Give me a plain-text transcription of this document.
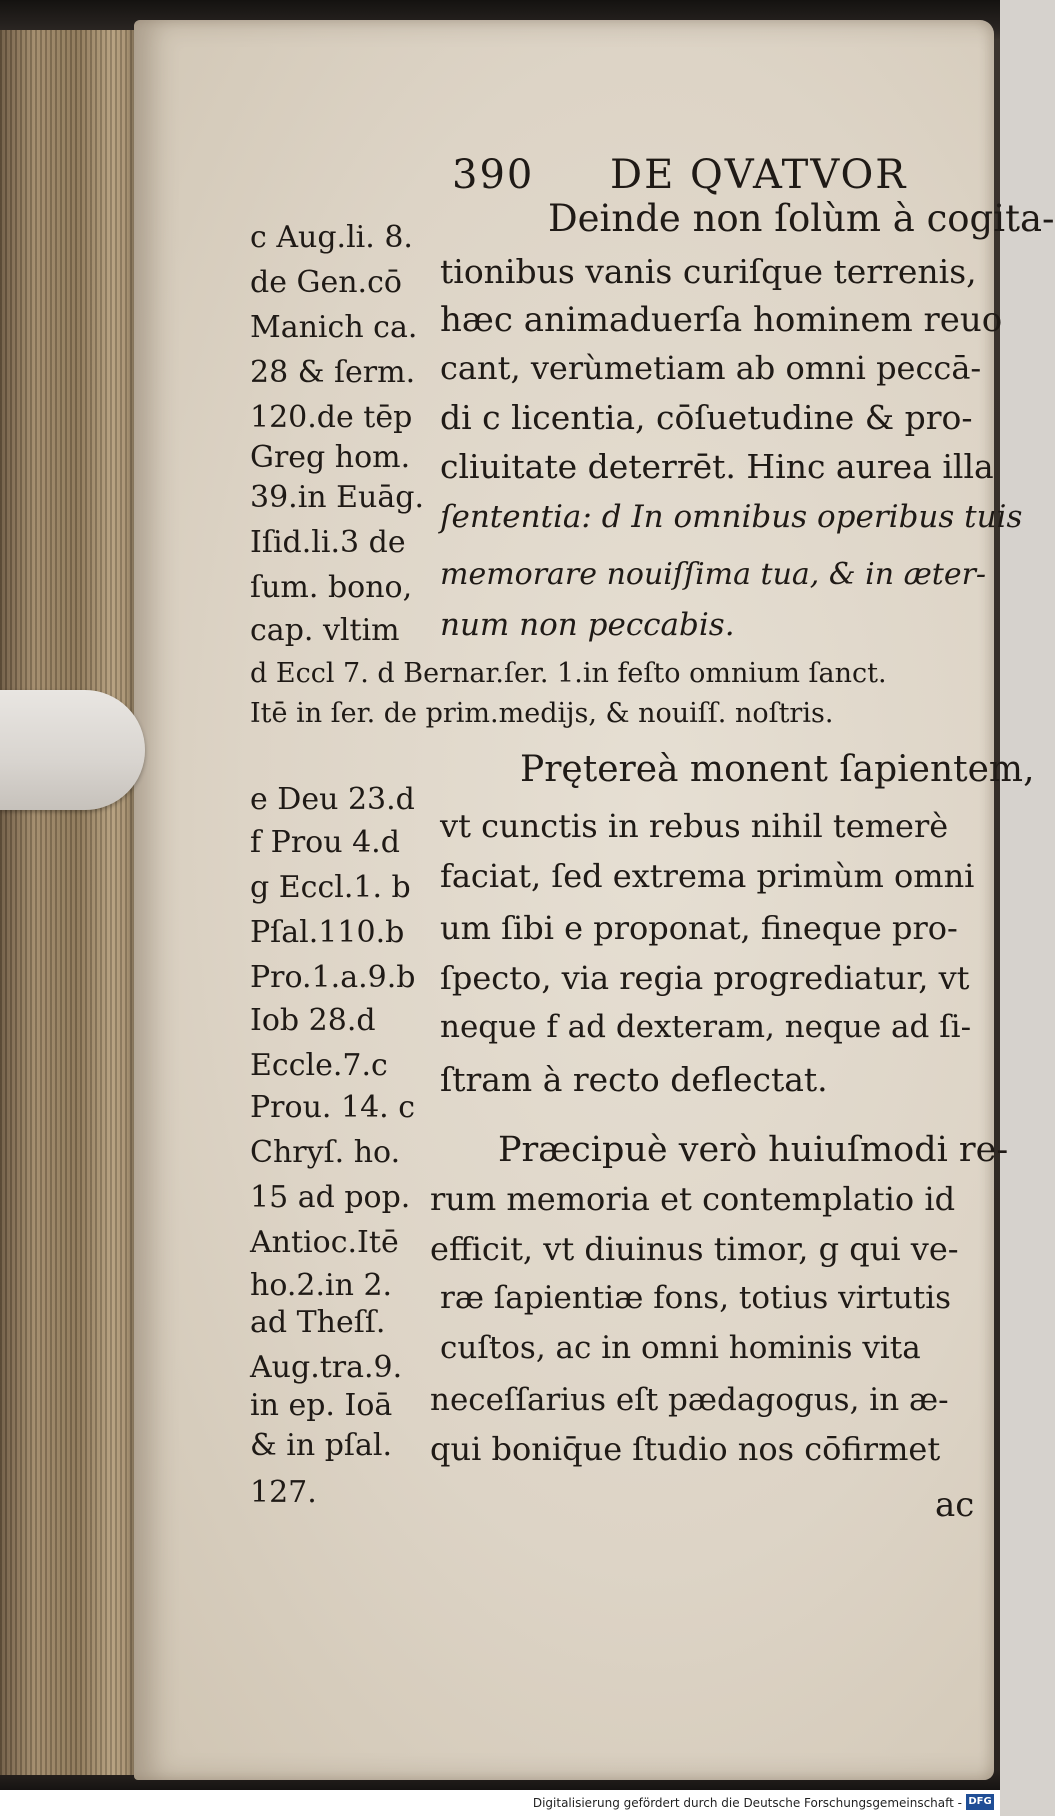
390 DE QVATVOR
c Aug.li. 8.
de Gen.cō
Manich ca.
28 & ſerm.
120.de tēp
Greg hom.
39.in Euāg.
Iſid.li.3 de
ſum. bono,
cap. vltim
e Deu 23.d
f Prou 4.d
g Eccl.1. b
Pſal.110.b
Pro.1.a.9.b
Iob 28.d
Eccle.7.c
Prou. 14. c
Chryſ. ho.
15 ad pop.
Antioc.Itē
ho.2.in 2.
ad Theſſ.
Aug.tra.9.
in ep. Ioā
& in pſal.
127.
Deinde non ſolùm à cogita-
tionibus vanis curiſque terrenis,
hæc animaduerſa hominem reuo
cant, verùmetiam ab omni peccā-
di c licentia, cōſuetudine & pro-
cliuitate deterrēt. Hinc aurea illa
ſententia: d In omnibus operibus tuis
memorare nouiſſima tua, & in æter-
num non peccabis.
d Eccl 7. d Bernar.ſer. 1.in feſto omnium ſanct.
Itē in ſer. de prim.medijs, & nouiſſ. noſtris.
Prętereà monent ſapientem,
vt cunctis in rebus nihil temerè
faciat, ſed extrema primùm omni
um ſibi e proponat, fineque pro-
ſpecto, via regia progrediatur, vt
neque f ad dexteram, neque ad ſi-
ſtram à recto deflectat.
Præcipuè verò huiuſmodi re-
rum memoria et contemplatio id
efficit, vt diuinus timor, g qui ve-
ræ ſapientiæ fons, totius virtutis
cuſtos, ac in omni hominis vita
neceſſarius eſt pædagogus, in æ-
qui boniq̄ue ſtudio nos cōfirmet
ac
Digitalisierung gefördert durch die Deutsche Forschungsgemeinschaft - DFG
